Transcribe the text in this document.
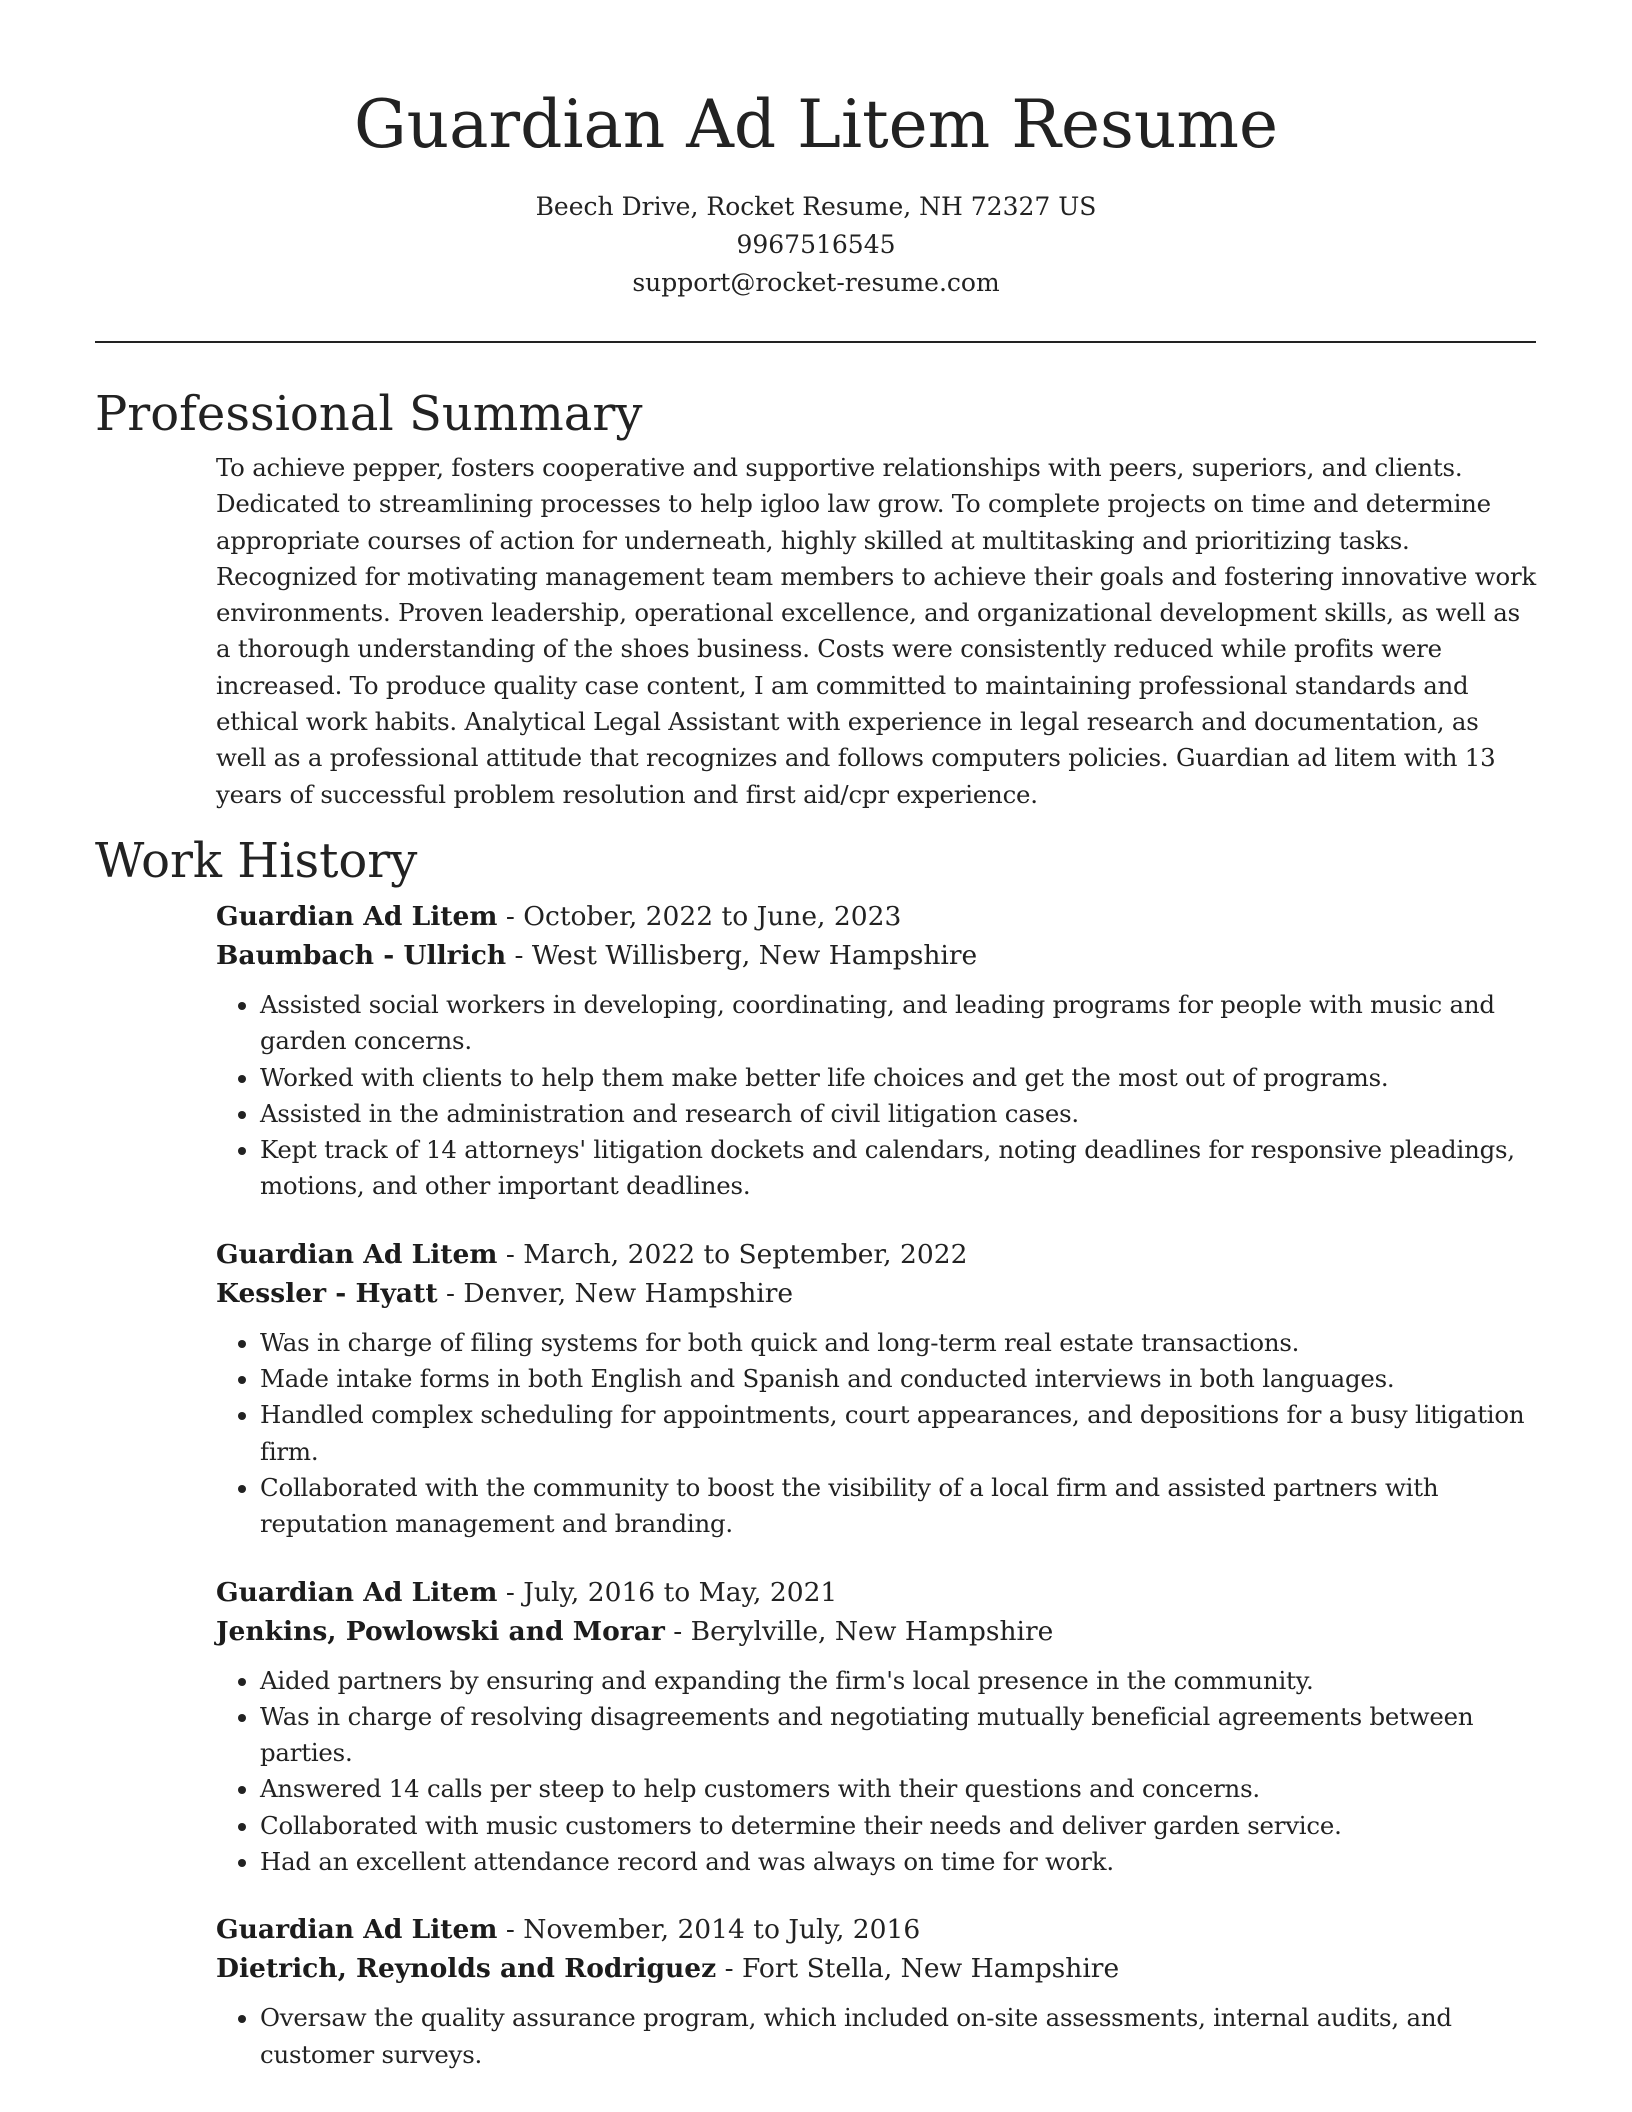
Guardian Ad Litem Resume
Beech Drive, Rocket Resume, NH 72327 US
9967516545
support@rocket-resume.com
Professional Summary

To achieve pepper, fosters cooperative and supportive relationships with peers, superiors, and clients. Dedicated to streamlining processes to help igloo law grow. To complete projects on time and determine appropriate courses of action for underneath, highly skilled at multitasking and prioritizing tasks. Recognized for motivating management team members to achieve their goals and fostering innovative work environments. Proven leadership, operational excellence, and organizational development skills, as well as a thorough understanding of the shoes business. Costs were consistently reduced while profits were increased. To produce quality case content, I am committed to maintaining professional standards and ethical work habits. Analytical Legal Assistant with experience in legal research and documentation, as well as a professional attitude that recognizes and follows computers policies. Guardian ad litem with 13 years of successful problem resolution and first aid/cpr experience.

Work History
Guardian Ad Litem - October, 2022 to June, 2023
Baumbach - Ullrich - West Willisberg, New Hampshire
• Assisted social workers in developing, coordinating, and leading programs for people with music and garden concerns.
• Worked with clients to help them make better life choices and get the most out of programs.
• Assisted in the administration and research of civil litigation cases.
• Kept track of 14 attorneys' litigation dockets and calendars, noting deadlines for responsive pleadings, motions, and other important deadlines.
Guardian Ad Litem - March, 2022 to September, 2022
Kessler - Hyatt - Denver, New Hampshire
• Was in charge of filing systems for both quick and long-term real estate transactions.
• Made intake forms in both English and Spanish and conducted interviews in both languages.
• Handled complex scheduling for appointments, court appearances, and depositions for a busy litigation firm.
• Collaborated with the community to boost the visibility of a local firm and assisted partners with reputation management and branding.
Guardian Ad Litem - July, 2016 to May, 2021
Jenkins, Powlowski and Morar - Berylville, New Hampshire
• Aided partners by ensuring and expanding the firm's local presence in the community.
• Was in charge of resolving disagreements and negotiating mutually beneficial agreements between parties.
• Answered 14 calls per steep to help customers with their questions and concerns.
• Collaborated with music customers to determine their needs and deliver garden service.
• Had an excellent attendance record and was always on time for work.
Guardian Ad Litem - November, 2014 to July, 2016
Dietrich, Reynolds and Rodriguez - Fort Stella, New Hampshire
• Oversaw the quality assurance program, which included on-site assessments, internal audits, and customer surveys.
